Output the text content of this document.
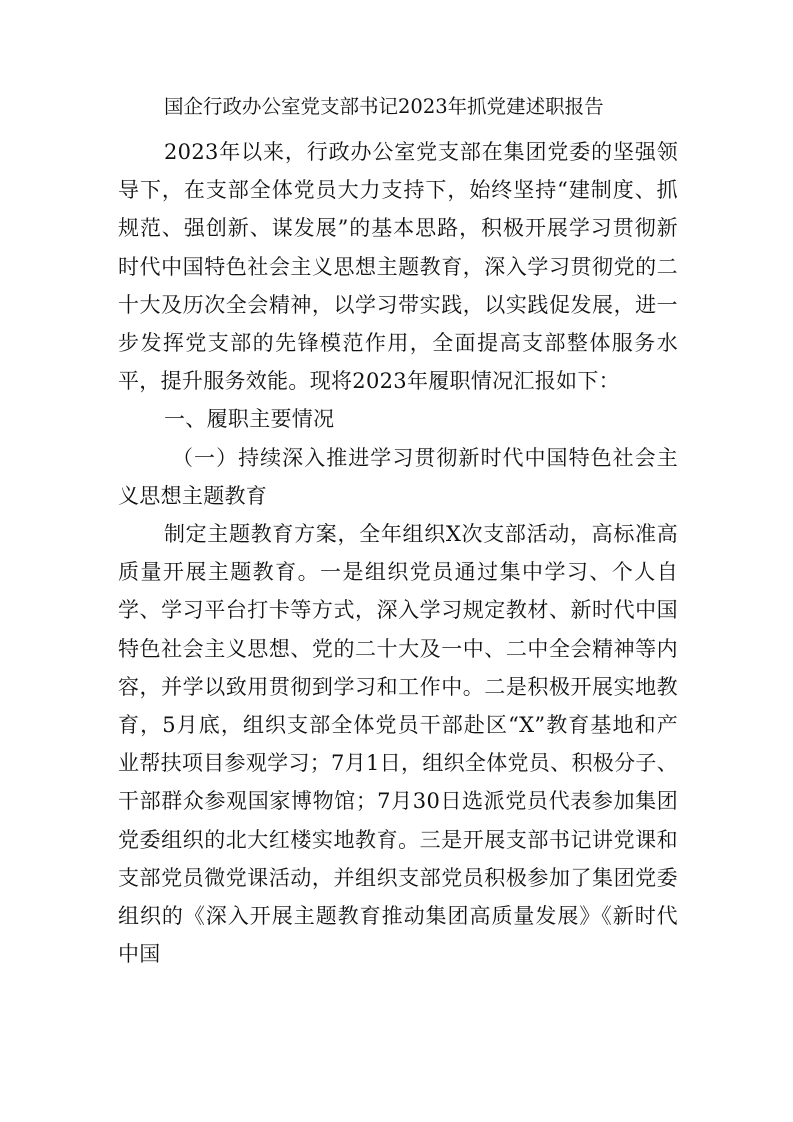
国企行政办公室党支部书记2023年抓党建述职报告

2023年以来，行政办公室党支部在集团党委的坚强领导下，在支部全体党员大力支持下，始终坚持“建制度、抓规范、强创新、谋发展”的基本思路，积极开展学习贯彻新时代中国特色社会主义思想主题教育，深入学习贯彻党的二十大及历次全会精神，以学习带实践，以实践促发展，进一步发挥党支部的先锋模范作用，全面提高支部整体服务水平，提升服务效能。现将2023年履职情况汇报如下：

一、履职主要情况

（一）持续深入推进学习贯彻新时代中国特色社会主义思想主题教育

制定主题教育方案，全年组织X次支部活动，高标准高质量开展主题教育。一是组织党员通过集中学习、个人自学、学习平台打卡等方式，深入学习规定教材、新时代中国特色社会主义思想、党的二十大及一中、二中全会精神等内容，并学以致用贯彻到学习和工作中。二是积极开展实地教育，5月底，组织支部全体党员干部赴区“X”教育基地和产业帮扶项目参观学习；7月1日，组织全体党员、积极分子、干部群众参观国家博物馆；7月30日选派党员代表参加集团党委组织的北大红楼实地教育。三是开展支部书记讲党课和支部党员微党课活动，并组织支部党员积极参加了集团党委组织的《深入开展主题教育推动集团高质量发展》《新时代中国
